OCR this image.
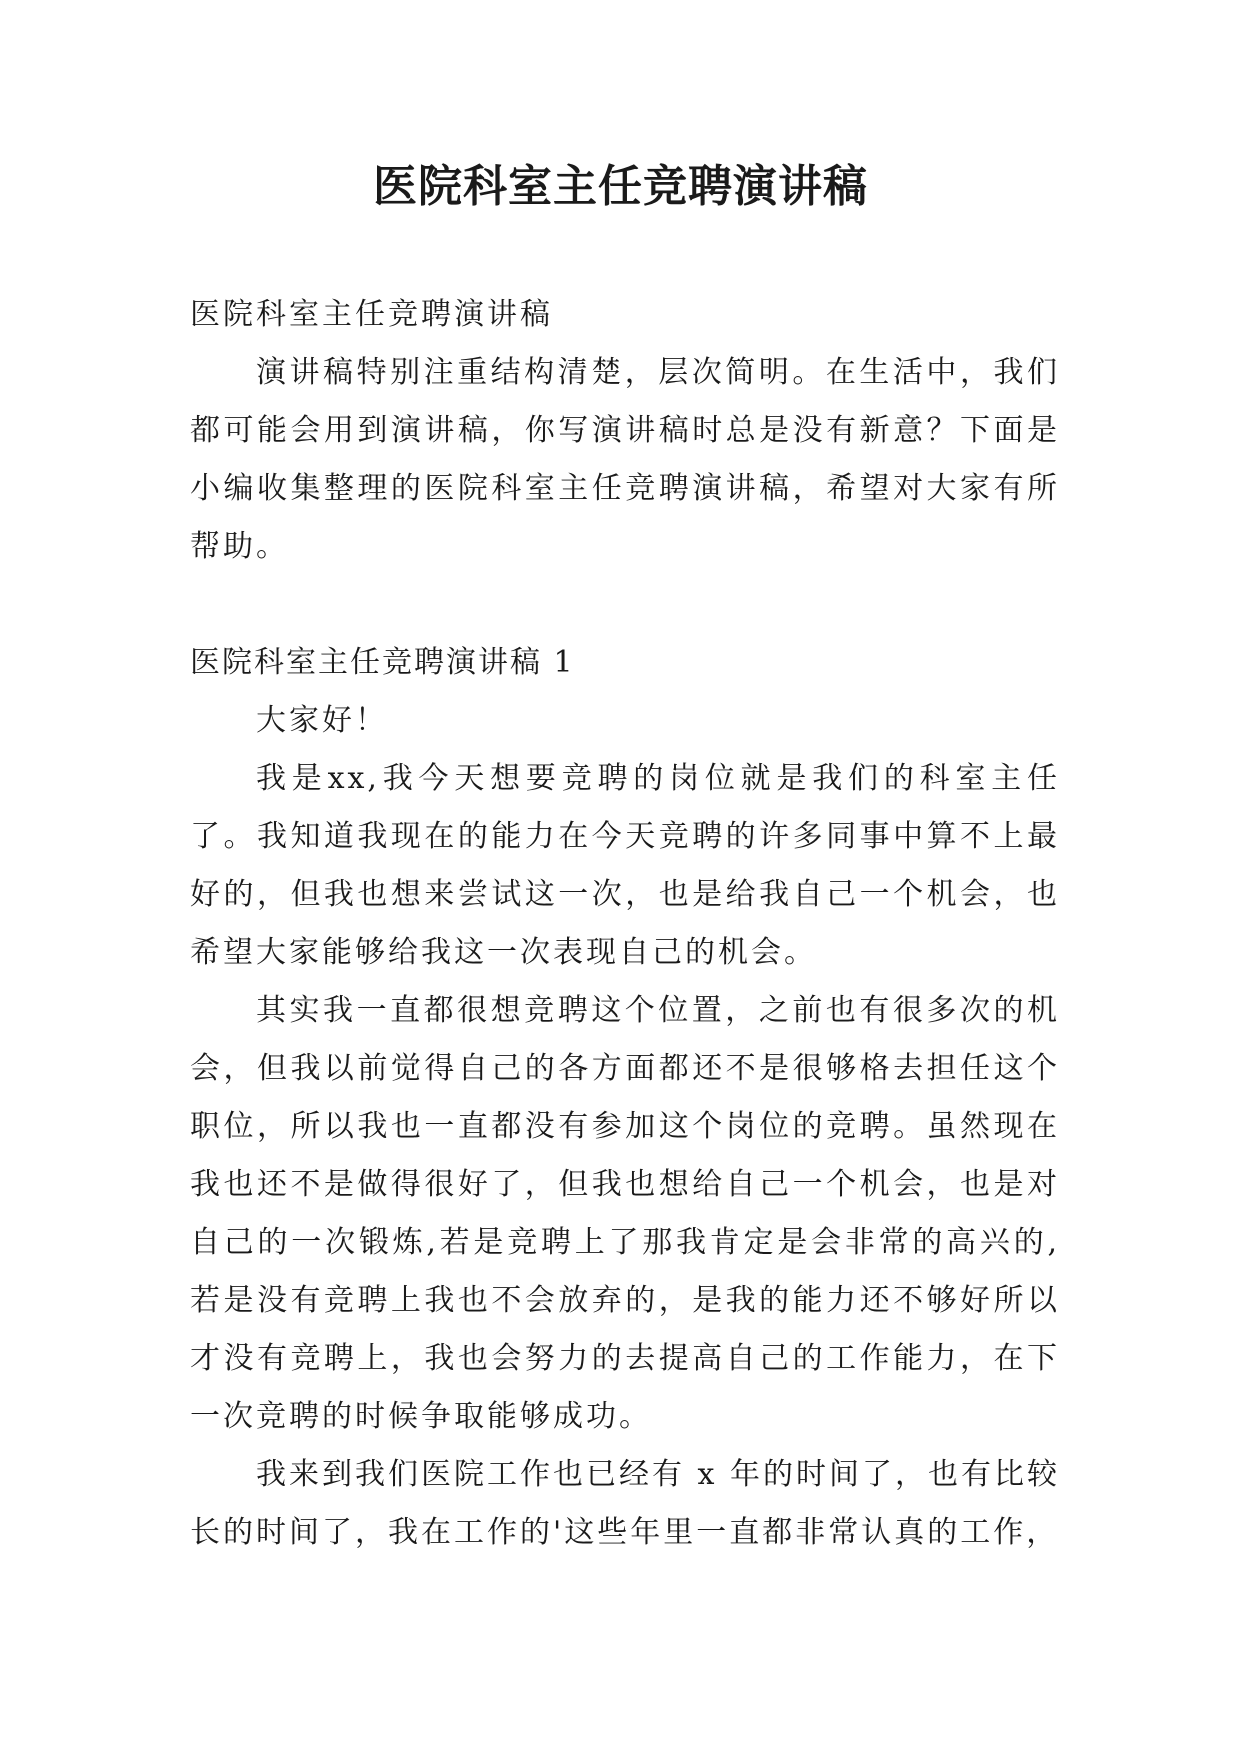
医院科室主任竞聘演讲稿

医院科室主任竞聘演讲稿

演讲稿特别注重结构清楚，层次简明。在生活中，我们都可能会用到演讲稿，你写演讲稿时总是没有新意？下面是小编收集整理的医院科室主任竞聘演讲稿，希望对大家有所帮助。

医院科室主任竞聘演讲稿 1

大家好！

我是xx,我今天想要竞聘的岗位就是我们的科室主任了。我知道我现在的能力在今天竞聘的许多同事中算不上最好的，但我也想来尝试这一次，也是给我自己一个机会，也希望大家能够给我这一次表现自己的机会。

其实我一直都很想竞聘这个位置，之前也有很多次的机会，但我以前觉得自己的各方面都还不是很够格去担任这个职位，所以我也一直都没有参加这个岗位的竞聘。虽然现在我也还不是做得很好了，但我也想给自己一个机会，也是对自己的一次锻炼,若是竞聘上了那我肯定是会非常的高兴的,若是没有竞聘上我也不会放弃的，是我的能力还不够好所以才没有竞聘上，我也会努力的去提高自己的工作能力，在下一次竞聘的时候争取能够成功。

我来到我们医院工作也已经有 x 年的时间了，也有比较长的时间了，我在工作的'这些年里一直都非常认真的工作，
